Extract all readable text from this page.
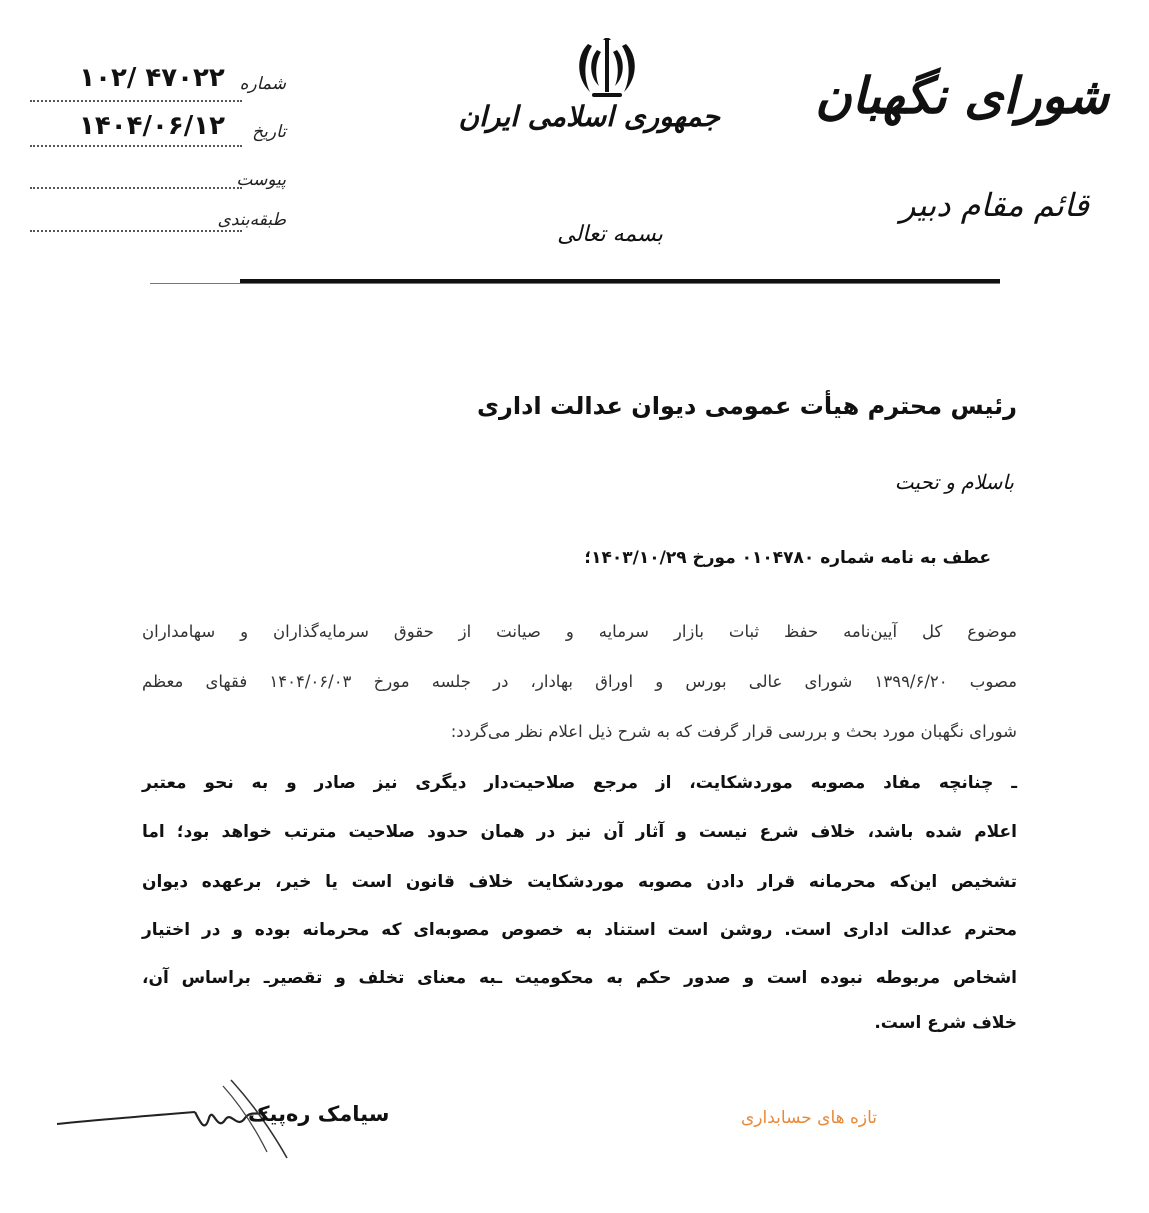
شورای نگهبان
قائم مقام دبیر
جمهوری اسلامی ایران
بسمه تعالی
شماره
۱۰۲/ ۴۷۰۲۲
تاریخ
۱۴۰۴/۰۶/۱۲
پیوست
طبقه‌بندی
رئیس محترم هیأت عمومی دیوان عدالت اداری
باسلام و تحیت
عطف به نامه شماره ۰۱۰۴۷۸۰ مورخ ۱۴۰۳/۱۰/۲۹؛
موضوع کل آیین‌نامه حفظ ثبات بازار سرمایه و صیانت از حقوق سرمایه‌گذاران و سهامداران
مصوب ۱۳۹۹/۶/۲۰ شورای عالی بورس و اوراق بهادار، در جلسه مورخ ۱۴۰۴/۰۶/۰۳ فقهای معظم
شورای نگهبان مورد بحث و بررسی قرار گرفت که به شرح ذیل اعلام نظر می‌گردد:
ـ چنانچه مفاد مصوبه موردشکایت، از مرجع صلاحیت‌دار دیگری نیز صادر و به نحو معتبر
اعلام شده باشد، خلاف شرع نیست و آثار آن نیز در همان حدود صلاحیت مترتب خواهد بود؛ اما
تشخیص این‌که محرمانه قرار دادن مصوبه موردشکایت خلاف قانون است یا خیر، برعهده دیوان
محترم عدالت اداری است. روشن است استناد به خصوص مصوبه‌ای که محرمانه بوده و در اختیار
اشخاص مربوطه نبوده است و صدور حکم به محکومیت ـبه معنای تخلف و تقصیرـ براساس آن،
خلاف شرع است.
سیامک ره‌پیک	تازه های حسابداری
